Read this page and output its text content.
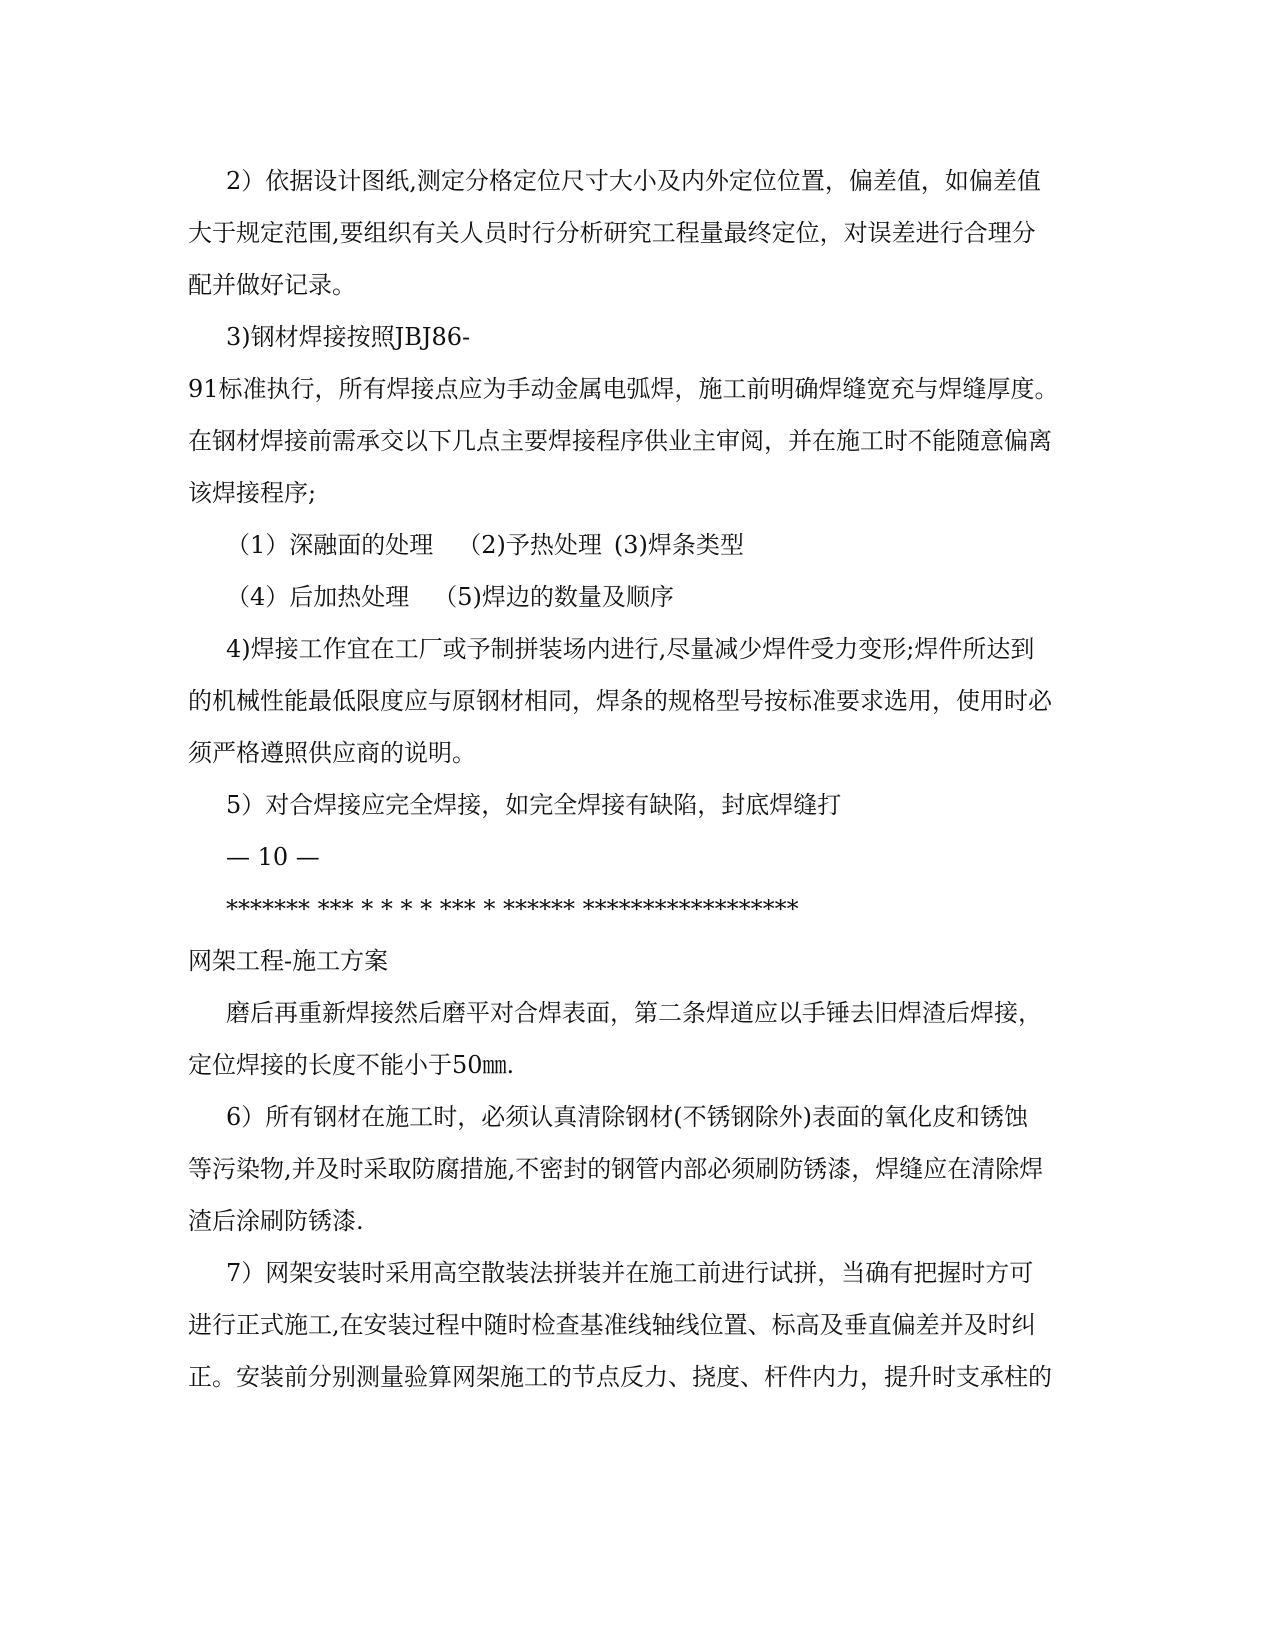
2）依据设计图纸,测定分格定位尺寸大小及内外定位位置，偏差值，如偏差值
大于规定范围,要组织有关人员时行分析研究工程量最终定位，对误差进行合理分
配并做好记录。
3)钢材焊接按照JBJ86-
91标准执行，所有焊接点应为手动金属电弧焊，施工前明确焊缝宽充与焊缝厚度。
在钢材焊接前需承交以下几点主要焊接程序供业主审阅，并在施工时不能随意偏离
该焊接程序;
（1）深融面的处理 （2)予热处理 (3)焊条类型
（4）后加热处理 （5)焊边的数量及顺序
4)焊接工作宜在工厂或予制拼装场内进行,尽量减少焊件受力变形;焊件所达到
的机械性能最低限度应与原钢材相同，焊条的规格型号按标准要求选用，使用时必
须严格遵照供应商的说明。
5）对合焊接应完全焊接，如完全焊接有缺陷，封底焊缝打
— 10 —
******* *** * * * * *** * ****** ******************
网架工程-施工方案
磨后再重新焊接然后磨平对合焊表面，第二条焊道应以手锤去旧焊渣后焊接，
定位焊接的长度不能小于50㎜.
6）所有钢材在施工时，必须认真清除钢材(不锈钢除外)表面的氧化皮和锈蚀
等污染物,并及时采取防腐措施,不密封的钢管内部必须刷防锈漆，焊缝应在清除焊
渣后涂刷防锈漆.
7）网架安装时采用高空散装法拼装并在施工前进行试拼，当确有把握时方可
进行正式施工,在安装过程中随时检查基准线轴线位置、标高及垂直偏差并及时纠
正。安装前分别测量验算网架施工的节点反力、挠度、杆件内力，提升时支承柱的
